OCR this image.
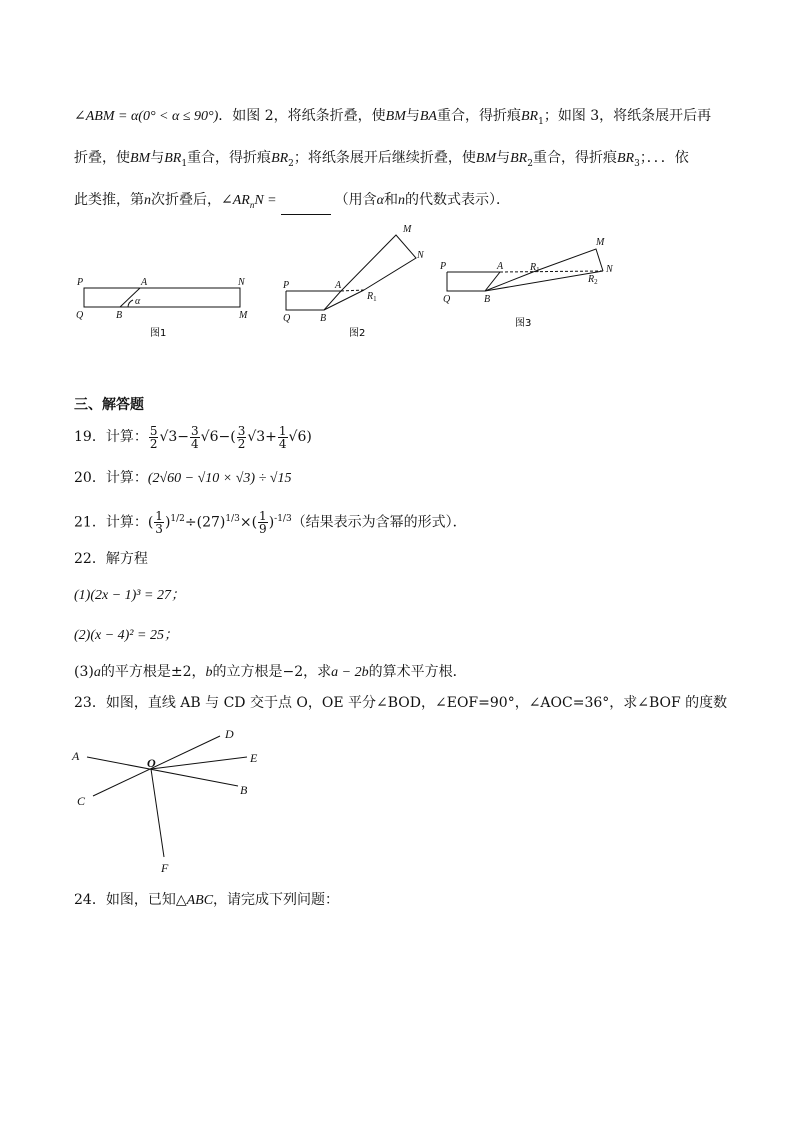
∠ABM = α(0° < α ≤ 90°)．如图 2，将纸条折叠，使BM与BA重合，得折痕$BR_1$；如图 3，将纸条展开后再
折叠，使BM与$BR_1$重合，得折痕$BR_2$；将纸条展开后继续折叠，使BM与$BR_2$重合，得折痕$BR_3$；．．．依
此类推，第n次折叠后，$\angle AR_nN$ =	（用含α和n的代数式表示）．
P	A	N
Q	B	M
α
图1
M
N
P	A
$R_1$
Q	B
图2
M
P	A	$R_1$	N
$R_2$
Q	B
图3
三、解答题
19．计算： $\frac{5}{2} √3- \frac{3}{4} √6-( \frac{3}{2} √3+ \frac{1}{4} √6)$
20．计算：(2√60 − √10 × √3) ÷ √15
21．计算：( $\frac{1}{3} )^{1/2}\div(27)^{1/3}\times( \frac{1}{9} )^{-1/3}$（结果表示为含幂的形式）．
22．解方程
(1)(2x − 1)³ = 27；
(2)(x − 4)² = 25；
(3)a的平方根是±2，b的立方根是−2，求a − 2b的算术平方根．
23．如图，直线 AB 与 CD 交于点 O，OE 平分∠BOD，∠EOF=90°，∠AOC=36°，求∠BOF 的度数
A
D
O	E
C
B
F
24．如图，已知△ABC，请完成下列问题：
